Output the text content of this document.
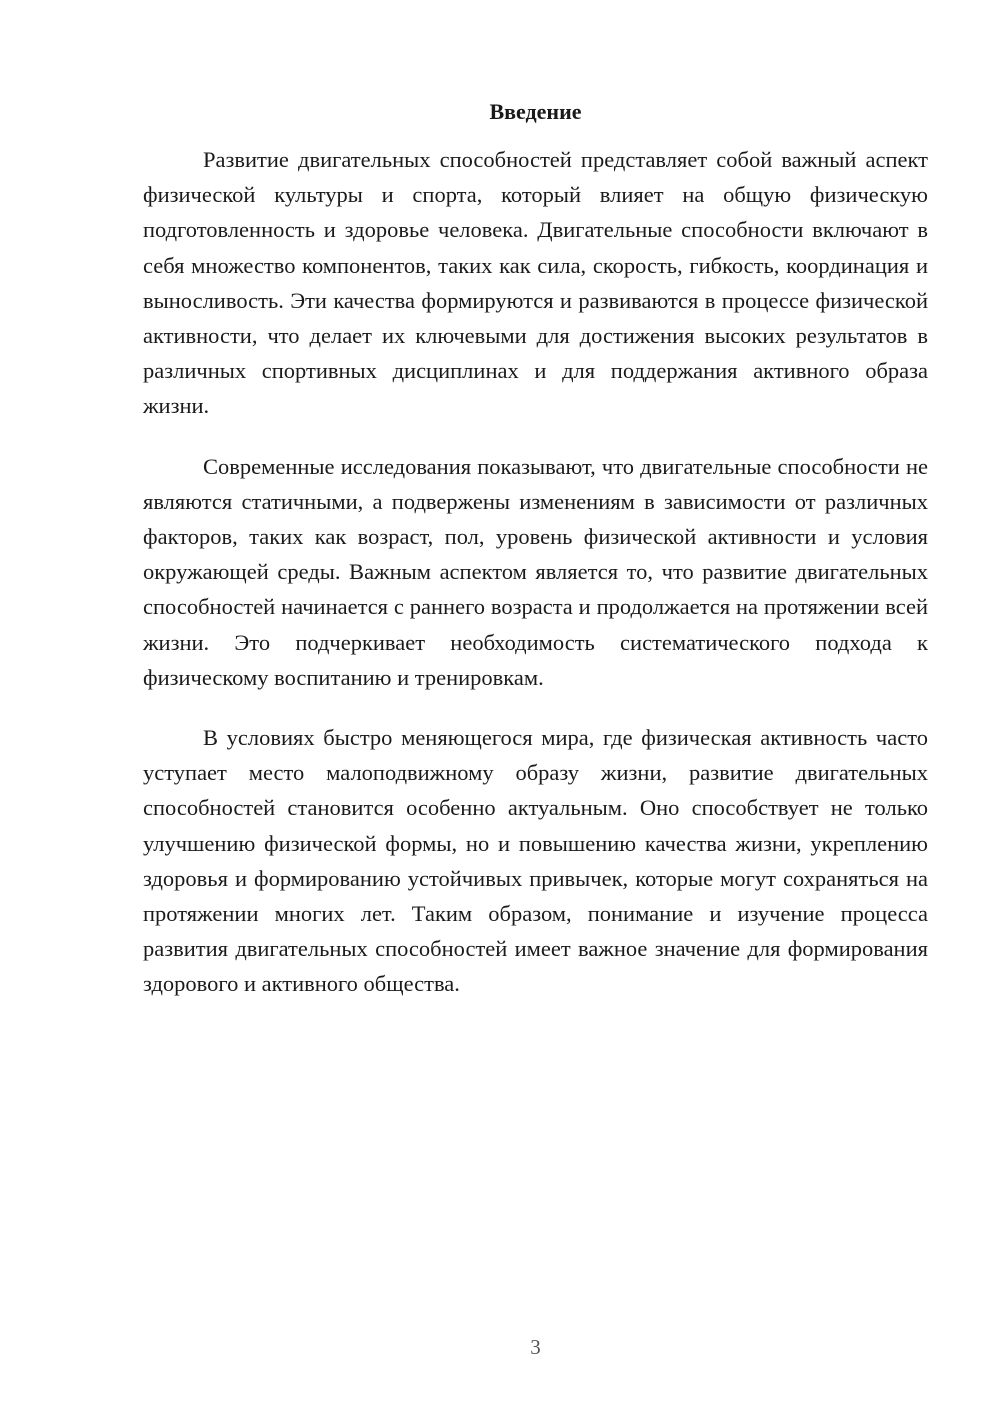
Введение

Развитие двигательных способностей представляет собой важный аспект физической культуры и спорта, который влияет на общую физическую подготовленность и здоровье человека. Двигательные способности включают в себя множество компонентов, таких как сила, скорость, гибкость, координация и выносливость. Эти качества формируются и развиваются в процессе физической активности, что делает их ключевыми для достижения высоких результатов в различных спортивных дисциплинах и для поддержания активного образа жизни.

Современные исследования показывают, что двигательные способности не являются статичными, а подвержены изменениям в зависимости от различных факторов, таких как возраст, пол, уровень физической активности и условия окружающей среды. Важным аспектом является то, что развитие двигательных способностей начинается с раннего возраста и продолжается на протяжении всей жизни. Это подчеркивает необходимость систематического подхода к физическому воспитанию и тренировкам.

В условиях быстро меняющегося мира, где физическая активность часто уступает место малоподвижному образу жизни, развитие двигательных способностей становится особенно актуальным. Оно способствует не только улучшению физической формы, но и повышению качества жизни, укреплению здоровья и формированию устойчивых привычек, которые могут сохраняться на протяжении многих лет. Таким образом, понимание и изучение процесса развития двигательных способностей имеет важное значение для формирования здорового и активного общества.

3
